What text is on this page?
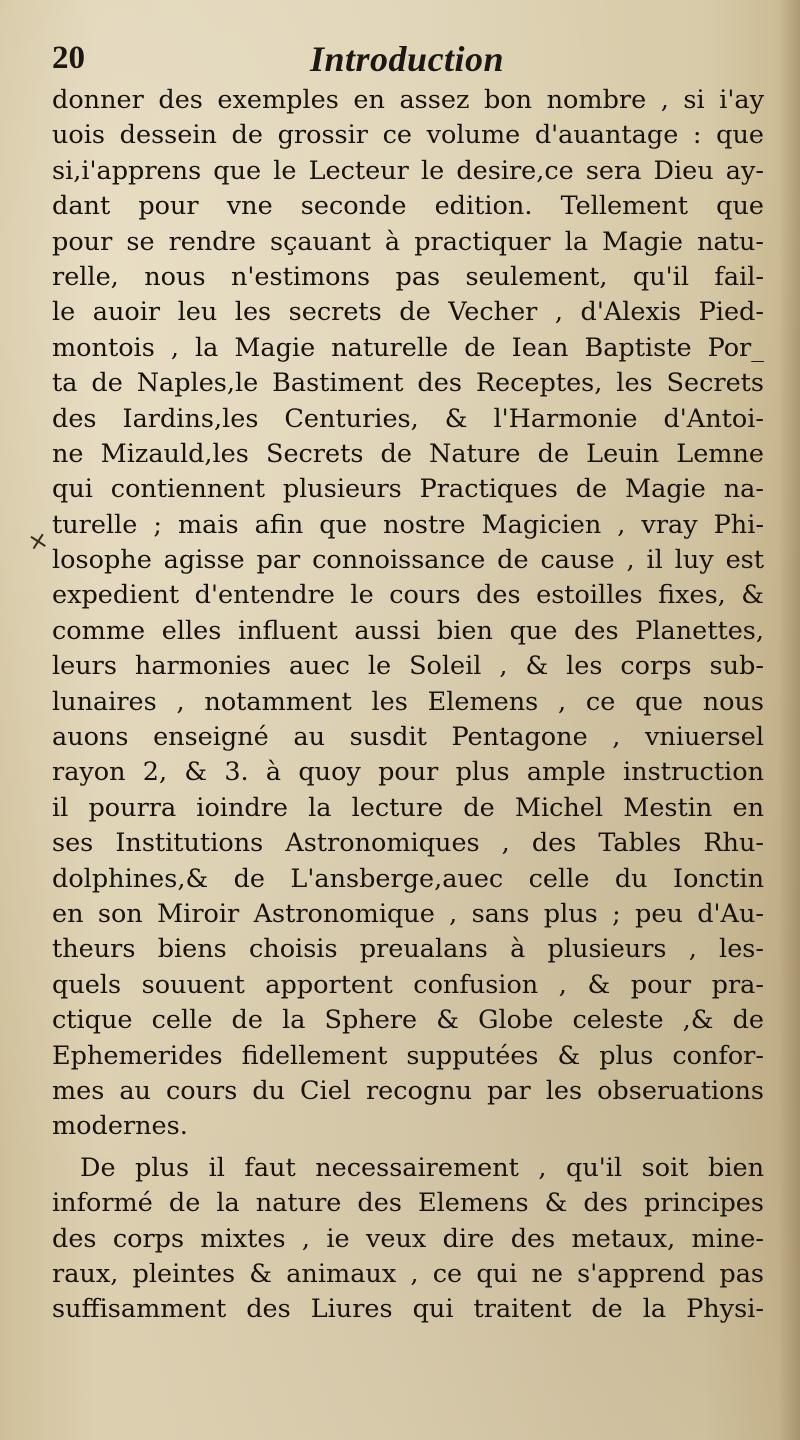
20	Introduction
×
donner des exemples en assez bon nombre , si i'ay
uois dessein de grossir ce volume d'auantage : que
si,i'apprens que le Lecteur le desire,ce sera Dieu ay-
dant pour vne seconde edition. Tellement que
pour se rendre sçauant à practiquer la Magie natu-
relle, nous n'estimons pas seulement, qu'il fail-
le auoir leu les secrets de Vecher , d'Alexis Pied-
montois , la Magie naturelle de Iean Baptiste Por_
ta de Naples,le Bastiment des Receptes, les Secrets
des Iardins,les Centuries, & l'Harmonie d'Antoi-
ne Mizauld,les Secrets de Nature de Leuin Lemne
qui contiennent plusieurs Practiques de Magie na-
turelle ; mais afin que nostre Magicien , vray Phi-
losophe agisse par connoissance de cause , il luy est
expedient d'entendre le cours des estoilles fixes, &
comme elles influent aussi bien que des Planettes,
leurs harmonies auec le Soleil , & les corps sub-
lunaires , notamment les Elemens , ce que nous
auons enseigné au susdit Pentagone , vniuersel
rayon 2, & 3. à quoy pour plus ample instruction
il pourra ioindre la lecture de Michel Mestin en
ses Institutions Astronomiques , des Tables Rhu-
dolphines,& de L'ansberge,auec celle du Ionctin
en son Miroir Astronomique , sans plus ; peu d'Au-
theurs biens choisis preualans à plusieurs , les-
quels souuent apportent confusion , & pour pra-
ctique celle de la Sphere & Globe celeste ,& de
Ephemerides fidellement supputées & plus confor-
mes au cours du Ciel recognu par les obseruations
modernes.
De plus il faut necessairement , qu'il soit bien
informé de la nature des Elemens & des principes
des corps mixtes , ie veux dire des metaux, mine-
raux, pleintes & animaux , ce qui ne s'apprend pas
suffisamment des Liures qui traitent de la Physi-
